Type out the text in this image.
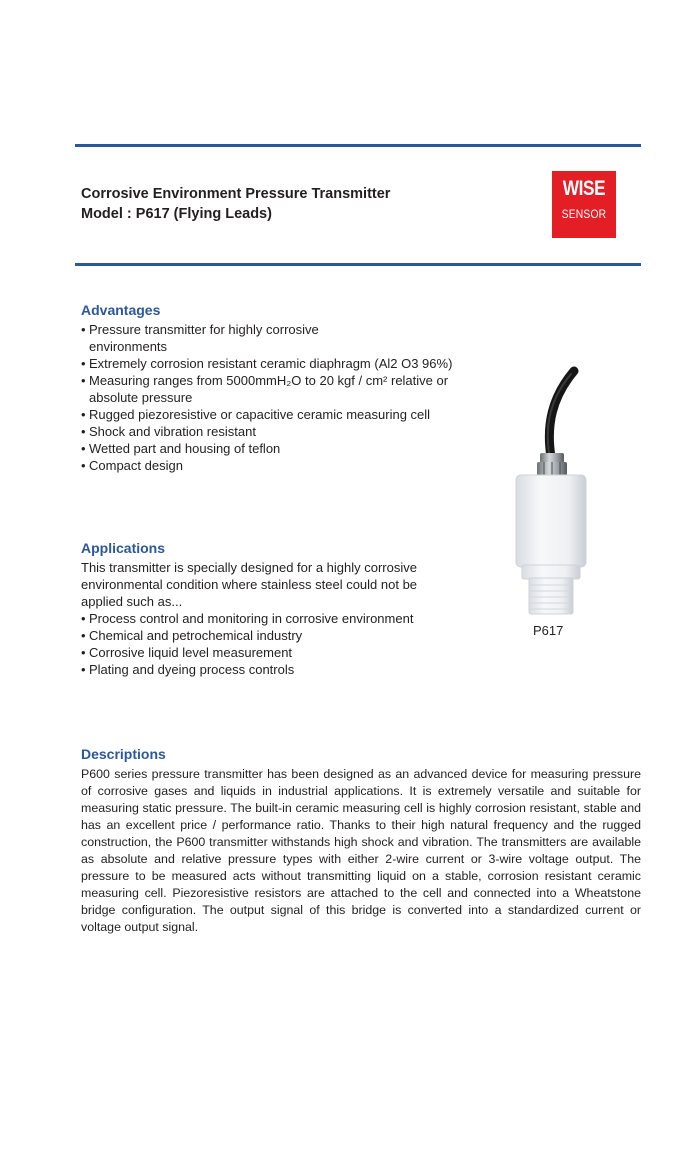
Corrosive Environment Pressure Transmitter
Model : P617 (Flying Leads)
WISE
SENSOR
Advantages
• Pressure transmitter for highly corrosive
environments
• Extremely corrosion resistant ceramic diaphragm (Al2 O3 96%)
• Measuring ranges from 5000mmH₂O to 20 kgf / cm² relative or
absolute pressure
• Rugged piezoresistive or capacitive ceramic measuring cell
• Shock and vibration resistant
• Wetted part and housing of teflon
• Compact design
Applications
This transmitter is specially designed for a highly corrosive
environmental condition where stainless steel could not be
applied such as...
• Process control and monitoring in corrosive environment
• Chemical and petrochemical industry
• Corrosive liquid level measurement
• Plating and dyeing process controls
P617
Descriptions

P600 series pressure transmitter has been designed as an advanced device for measuring pressure of corrosive gases and liquids in industrial applications. It is extremely versatile and suitable for measuring static pressure. The built-in ceramic measuring cell is highly corrosion resistant, stable and has an excellent price / performance ratio. Thanks to their high natural frequency and the rugged construction, the P600 transmitter withstands high shock and vibration. The transmitters are available as absolute and relative pressure types with either 2-wire current or 3-wire voltage output. The pressure to be measured acts without transmitting liquid on a stable, corrosion resistant ceramic measuring cell. Piezoresistive resistors are attached to the cell and connected into a Wheatstone bridge configuration. The output signal of this bridge is converted into a standardized current or voltage output signal.
